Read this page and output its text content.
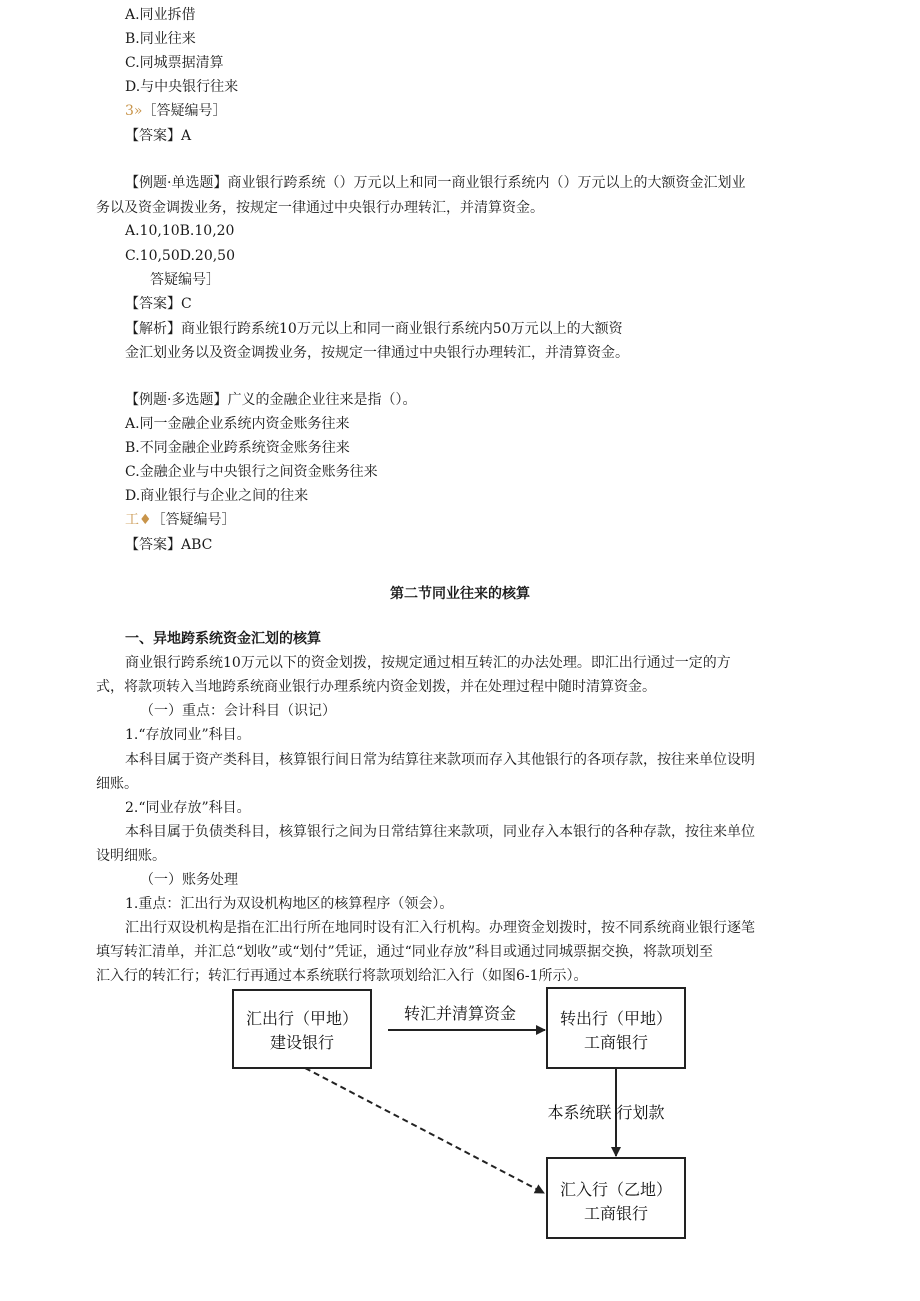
A.同业拆借
B.同业往来
C.同城票据清算
D.与中央银行往来
3»［答疑编号］
【答案】A
【例题·单选题】商业银行跨系统（）万元以上和同一商业银行系统内（）万元以上的大额资金汇划业
务以及资金调拨业务，按规定一律通过中央银行办理转汇，并清算资金。
A.10,10B.10,20
C.10,50D.20,50
答疑编号］
【答案】C
【解析】商业银行跨系统10万元以上和同一商业银行系统内50万元以上的大额资
金汇划业务以及资金调拨业务，按规定一律通过中央银行办理转汇，并清算资金。
【例题·多选题】广义的金融企业往来是指（）。
A.同一金融企业系统内资金账务往来
B.不同金融企业跨系统资金账务往来
C.金融企业与中央银行之间资金账务往来
D.商业银行与企业之间的往来
工♦［答疑编号］
【答案】ABC
第二节同业往来的核算
一、异地跨系统资金汇划的核算
商业银行跨系统10万元以下的资金划拨，按规定通过相互转汇的办法处理。即汇出行通过一定的方
式，将款项转入当地跨系统商业银行办理系统内资金划拨，并在处理过程中随时清算资金。
（一）重点：会计科目（识记）
1.“存放同业”科目。
本科目属于资产类科目，核算银行间日常为结算往来款项而存入其他银行的各项存款，按往来单位设明
细账。
2.“同业存放”科目。
本科目属于负债类科目，核算银行之间为日常结算往来款项，同业存入本银行的各种存款，按往来单位
设明细账。
（一）账务处理
1.重点：汇出行为双设机构地区的核算程序（领会）。
汇出行双设机构是指在汇出行所在地同时设有汇入行机构。办理资金划拨时，按不同系统商业银行逐笔
填写转汇清单，并汇总“划收”或“划付”凭证，通过“同业存放”科目或通过同城票据交换，将款项划至
汇入行的转汇行；转汇行再通过本系统联行将款项划给汇入行（如图6-1所示）。
汇出行（甲地）
建设银行
转出行（甲地）
工商银行
汇入行（乙地）
工商银行
转汇并清算资金
本系统联 行划款
